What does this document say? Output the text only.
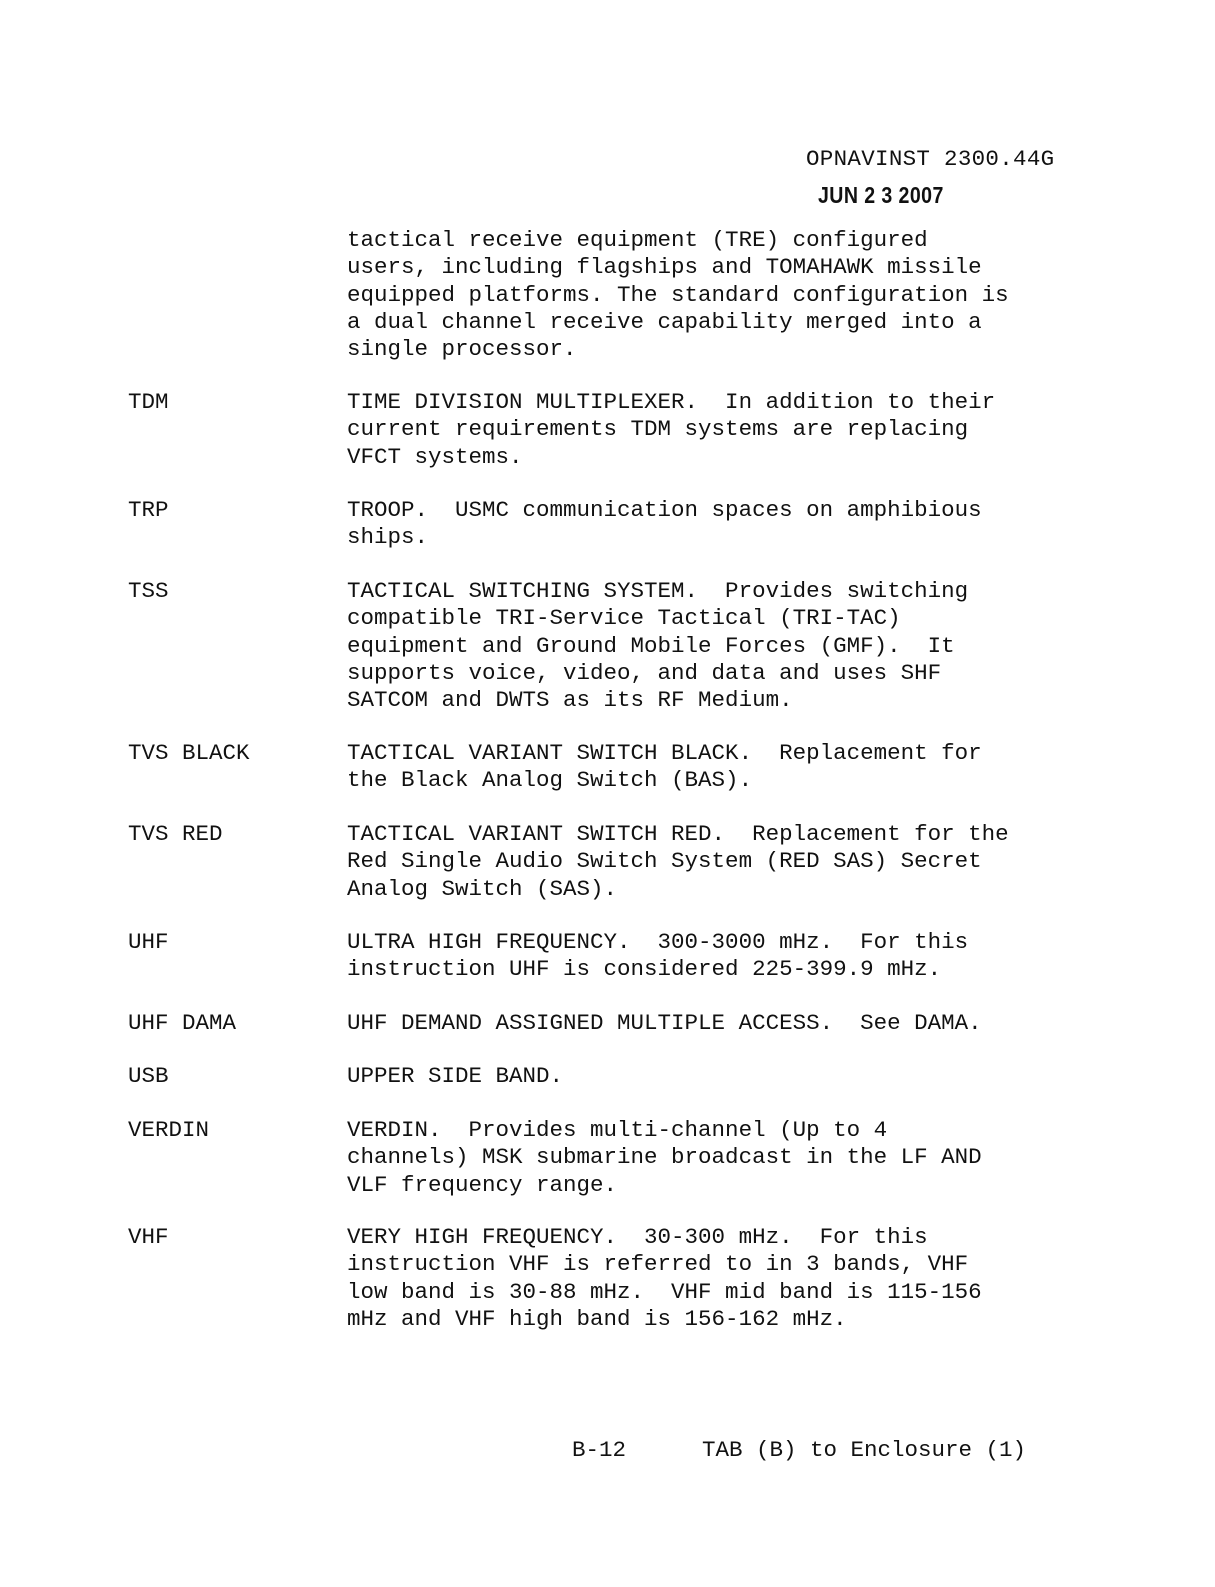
OPNAVINST 2300.44G
JUN 2 3 2007
tactical receive equipment (TRE) configured
users, including flagships and TOMAHAWK missile
equipped platforms. The standard configuration is
a dual channel receive capability merged into a
single processor.
TDM	TIME DIVISION MULTIPLEXER.  In addition to their
current requirements TDM systems are replacing
VFCT systems.
TRP	TROOP.  USMC communication spaces on amphibious
ships.
TSS	TACTICAL SWITCHING SYSTEM.  Provides switching
compatible TRI-Service Tactical (TRI-TAC)
equipment and Ground Mobile Forces (GMF).  It
supports voice, video, and data and uses SHF
SATCOM and DWTS as its RF Medium.
TVS BLACK	TACTICAL VARIANT SWITCH BLACK.  Replacement for
the Black Analog Switch (BAS).
TVS RED	TACTICAL VARIANT SWITCH RED.  Replacement for the
Red Single Audio Switch System (RED SAS) Secret
Analog Switch (SAS).
UHF	ULTRA HIGH FREQUENCY.  300-3000 mHz.  For this
instruction UHF is considered 225-399.9 mHz.
UHF DAMA	UHF DEMAND ASSIGNED MULTIPLE ACCESS.  See DAMA.
USB	UPPER SIDE BAND.
VERDIN	VERDIN.  Provides multi-channel (Up to 4
channels) MSK submarine broadcast in the LF AND
VLF frequency range.
VHF	VERY HIGH FREQUENCY.  30-300 mHz.  For this
instruction VHF is referred to in 3 bands, VHF
low band is 30-88 mHz.  VHF mid band is 115-156
mHz and VHF high band is 156-162 mHz.
B-12	TAB (B) to Enclosure (1)
